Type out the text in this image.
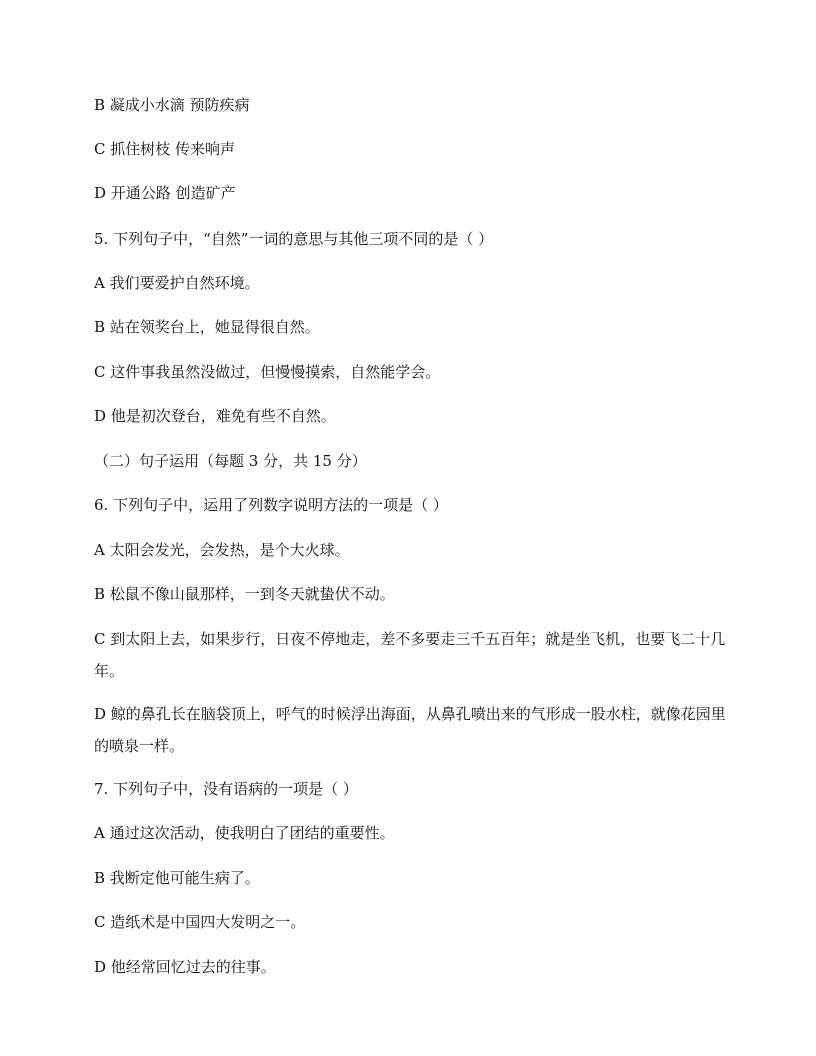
B 凝成小水滴 预防疾病
C 抓住树枝 传来响声
D 开通公路 创造矿产
5. 下列句子中，“自然”一词的意思与其他三项不同的是（ ）
A 我们要爱护自然环境。
B 站在领奖台上，她显得很自然。
C 这件事我虽然没做过，但慢慢摸索，自然能学会。
D 他是初次登台，难免有些不自然。
（二）句子运用（每题 3 分，共 15 分）
6. 下列句子中，运用了列数字说明方法的一项是（ ）
A 太阳会发光，会发热，是个大火球。
B 松鼠不像山鼠那样，一到冬天就蛰伏不动。
C 到太阳上去，如果步行，日夜不停地走，差不多要走三千五百年；就是坐飞机，也要飞二十几年。
D 鲸的鼻孔长在脑袋顶上，呼气的时候浮出海面，从鼻孔喷出来的气形成一股水柱，就像花园里的喷泉一样。
7. 下列句子中，没有语病的一项是（ ）
A 通过这次活动，使我明白了团结的重要性。
B 我断定他可能生病了。
C 造纸术是中国四大发明之一。
D 他经常回忆过去的往事。
